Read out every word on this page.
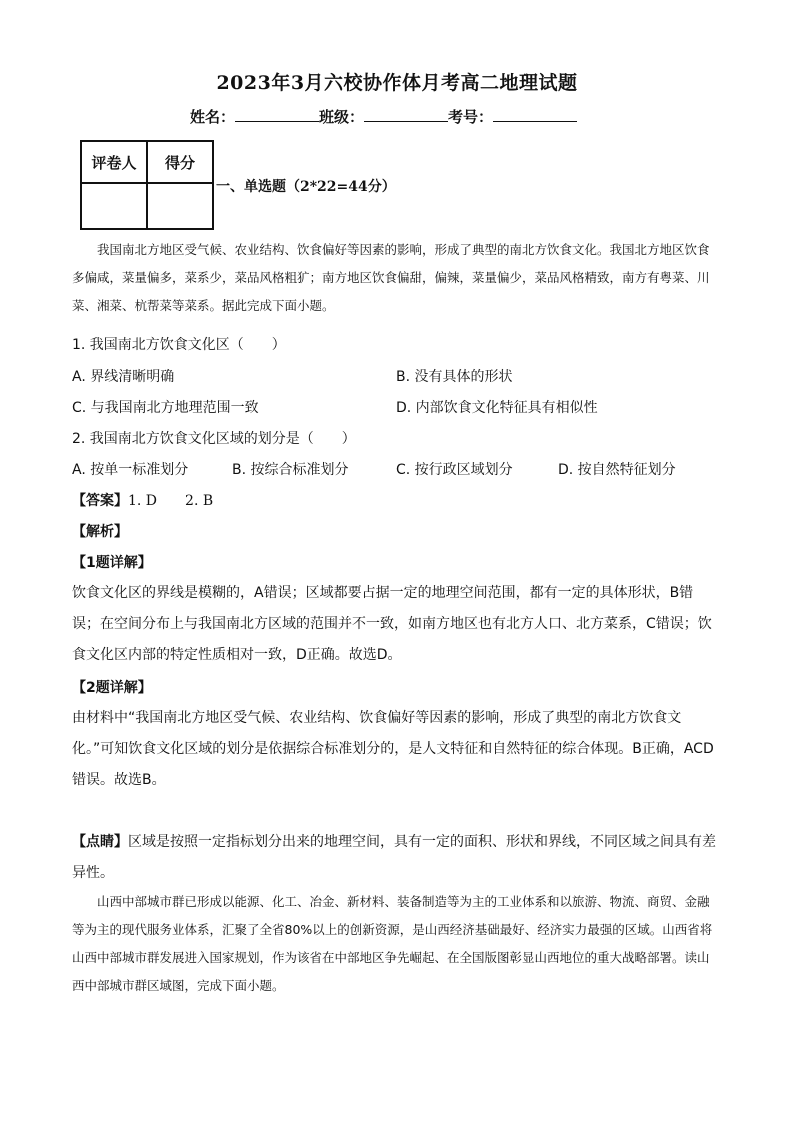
2023年3月六校协作体月考高二地理试题
姓名：	班级：	考号：
评卷人	得分

一、单选题（2*22=44分）
我国南北方地区受气候、农业结构、饮食偏好等因素的影响，形成了典型的南北方饮食文化。我国北方地区饮食多偏咸，菜量偏多，菜系少，菜品风格粗犷；南方地区饮食偏甜，偏辣，菜量偏少，菜品风格精致，南方有粤菜、川菜、湘菜、杭帮菜等菜系。据此完成下面小题。
1. 我国南北方饮食文化区（　　）
A. 界线清晰明确	B. 没有具体的形状
C. 与我国南北方地理范围一致	D. 内部饮食文化特征具有相似性
2. 我国南北方饮食文化区域的划分是（　　）
A. 按单一标准划分	B. 按综合标准划分	C. 按行政区域划分	D. 按自然特征划分
【答案】1. D　　2. B
【解析】
【1题详解】
饮食文化区的界线是模糊的，A错误；区域都要占据一定的地理空间范围，都有一定的具体形状，B错误；在空间分布上与我国南北方区域的范围并不一致，如南方地区也有北方人口、北方菜系，C错误；饮食文化区内部的特定性质相对一致，D正确。故选D。
【2题详解】
由材料中“我国南北方地区受气候、农业结构、饮食偏好等因素的影响，形成了典型的南北方饮食文化。”可知饮食文化区域的划分是依据综合标准划分的，是人文特征和自然特征的综合体现。B正确，ACD错误。故选B。
【点睛】区域是按照一定指标划分出来的地理空间，具有一定的面积、形状和界线，不同区域之间具有差异性。
山西中部城市群已形成以能源、化工、冶金、新材料、装备制造等为主的工业体系和以旅游、物流、商贸、金融等为主的现代服务业体系，汇聚了全省80%以上的创新资源，是山西经济基础最好、经济实力最强的区域。山西省将山西中部城市群发展进入国家规划，作为该省在中部地区争先崛起、在全国版图彰显山西地位的重大战略部署。读山西中部城市群区域图，完成下面小题。
